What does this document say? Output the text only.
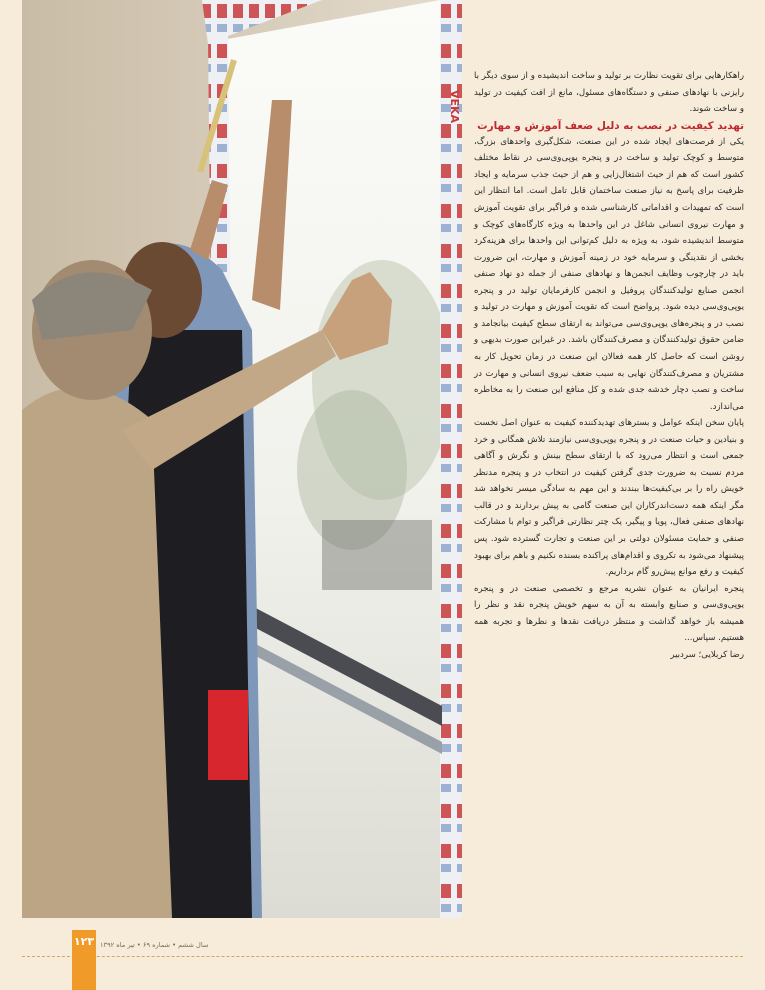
VEKA

راهکارهایی برای تقویت نظارت بر تولید و ساخت اندیشیده و از سوی دیگر با رایزنی با نهادهای صنفی و دستگاه‌های مسئول، مانع از افت کیفیت در تولید و ساخت شوند.

تهدید کیفیت در نصب به دلیل ضعف آموزش و مهارت

یکی از فرصت‌های ایجاد شده در این صنعت، شکل‌گیری واحدهای بزرگ، متوسط و کوچک تولید و ساخت در و پنجره یوپی‌وی‌سی در نقاط مختلف کشور است که هم از حیث اشتغال‌زایی و هم از حیث جذب سرمایه و ایجاد ظرفیت برای پاسخ به نیاز صنعت ساختمان قابل تامل است. اما انتظار این است که تمهیدات و اقداماتی کارشناسی شده و فراگیر برای تقویت آموزش و مهارت نیروی انسانی شاغل در این واحدها به ویژه کارگاه‌های کوچک و متوسط اندیشیده شود، به ویژه به دلیل کم‌توانی این واحدها برای هزینه‌کرد بخشی از نقدینگی و سرمایه خود در زمینه آموزش و مهارت، این ضرورت باید در چارچوب وظایف انجمن‌ها و نهادهای صنفی از جمله دو نهاد صنفی انجمن صنایع تولیدکنندگان پروفیل و انجمن کارفرمایان تولید در و پنجره یوپی‌وی‌سی دیده شود. پرواضح است که تقویت آموزش و مهارت در تولید و نصب در و پنجره‌های یوپی‌وی‌سی می‌تواند به ارتقای سطح کیفیت بیانجامد و ضامن حقوق تولیدکنندگان و مصرف‌کنندگان باشد. در غیراین صورت بدیهی و روشن است که حاصل کار همه فعالان این صنعت در زمان تحویل کار به مشتریان و مصرف‌کنندگان نهایی به سبب ضعف نیروی انسانی و مهارت در ساخت و نصب دچار خدشه جدی شده و کل منافع این صنعت را به مخاطره می‌اندازد.

پایان سخن اینکه عوامل و بسترهای تهدیدکننده کیفیت به عنوان اصل نخست و بنیادین و حیات صنعت در و پنجره یوپی‌وی‌سی نیازمند تلاش همگانی و خرد جمعی است و انتظار می‌رود که با ارتقای سطح بینش و نگرش و آگاهی مردم نسبت به ضرورت جدی گرفتن کیفیت در انتخاب در و پنجره مدنظر خویش راه را بر بی‌کیفیت‌ها ببندند و این مهم به سادگی میسر نخواهد شد مگر اینکه همه دست‌اندرکاران این صنعت گامی به پیش بردارند و در قالب نهادهای صنفی فعال، پویا و پیگیر، یک چتر نظارتی فراگیر و توام با مشارکت صنفی و حمایت مسئولان دولتی بر این صنعت و تجارت گسترده شود. پس پیشنهاد می‌شود به تکروی و اقدام‌های پراکنده بسنده نکنیم و باهم برای بهبود کیفیت و رفع موانع پیش‌رو گام برداریم.

پنجره ایرانیان به عنوان نشریه مرجع و تخصصی صنعت در و پنجره یوپی‌وی‌سی و صنایع وابسته به آن به سهم خویش پنجره نقد و نظر را همیشه باز خواهد گذاشت و منتظر دریافت نقدها و نظرها و تجربه همه هستیم. سپاس...

رضا کربلایی؛ سردبیر

۱۲۳ سال ششم • شماره ۶۹ • تیر ماه ۱۳۹۲
